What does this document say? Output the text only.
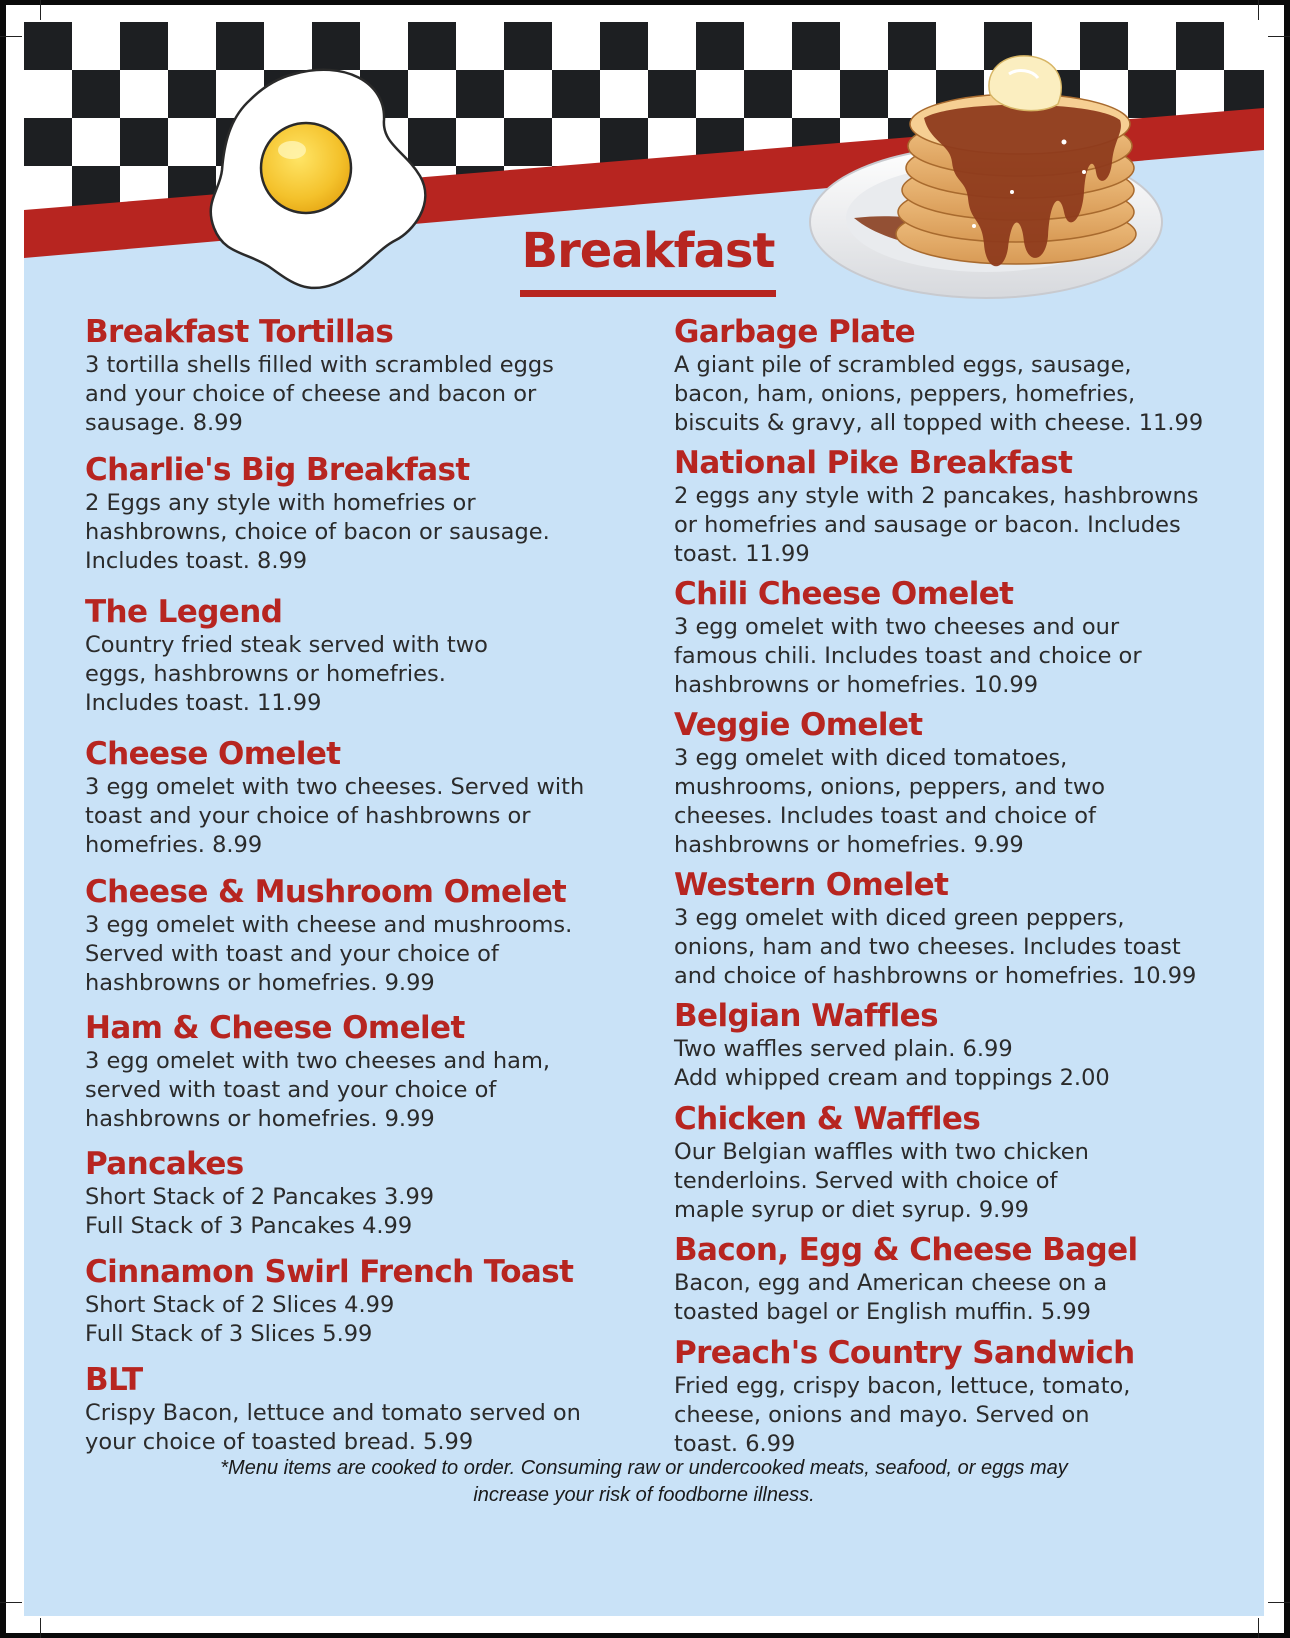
Breakfast
Breakfast Tortillas
3 tortilla shells filled with scrambled eggs
and your choice of cheese and bacon or
sausage. 8.99
Charlie's Big Breakfast
2 Eggs any style with homefries or
hashbrowns, choice of bacon or sausage.
Includes toast. 8.99
The Legend
Country fried steak served with two
eggs, hashbrowns or homefries.
Includes toast. 11.99
Cheese Omelet
3 egg omelet with two cheeses. Served with
toast and your choice of hashbrowns or
homefries. 8.99
Cheese & Mushroom Omelet
3 egg omelet with cheese and mushrooms.
Served with toast and your choice of
hashbrowns or homefries. 9.99
Ham & Cheese Omelet
3 egg omelet with two cheeses and ham,
served with toast and your choice of
hashbrowns or homefries. 9.99
Pancakes
Short Stack of 2 Pancakes 3.99
Full Stack of 3 Pancakes 4.99
Cinnamon Swirl French Toast
Short Stack of 2 Slices 4.99
Full Stack of 3 Slices 5.99
BLT
Crispy Bacon, lettuce and tomato served on
your choice of toasted bread. 5.99
Garbage Plate
A giant pile of scrambled eggs, sausage,
bacon, ham, onions, peppers, homefries,
biscuits & gravy, all topped with cheese. 11.99
National Pike Breakfast
2 eggs any style with 2 pancakes, hashbrowns
or homefries and sausage or bacon. Includes
toast. 11.99
Chili Cheese Omelet
3 egg omelet with two cheeses and our
famous chili. Includes toast and choice or
hashbrowns or homefries. 10.99
Veggie Omelet
3 egg omelet with diced tomatoes,
mushrooms, onions, peppers, and two
cheeses. Includes toast and choice of
hashbrowns or homefries. 9.99
Western Omelet
3 egg omelet with diced green peppers,
onions, ham and two cheeses. Includes toast
and choice of hashbrowns or homefries. 10.99
Belgian Waffles
Two waffles served plain. 6.99
Add whipped cream and toppings 2.00
Chicken & Waffles
Our Belgian waffles with two chicken
tenderloins. Served with choice of
maple syrup or diet syrup. 9.99
Bacon, Egg & Cheese Bagel
Bacon, egg and American cheese on a
toasted bagel or English muffin. 5.99
Preach's Country Sandwich
Fried egg, crispy bacon, lettuce, tomato,
cheese, onions and mayo. Served on
toast. 6.99
*Menu items are cooked to order. Consuming raw or undercooked meats, seafood, or eggs may
increase your risk of foodborne illness.
